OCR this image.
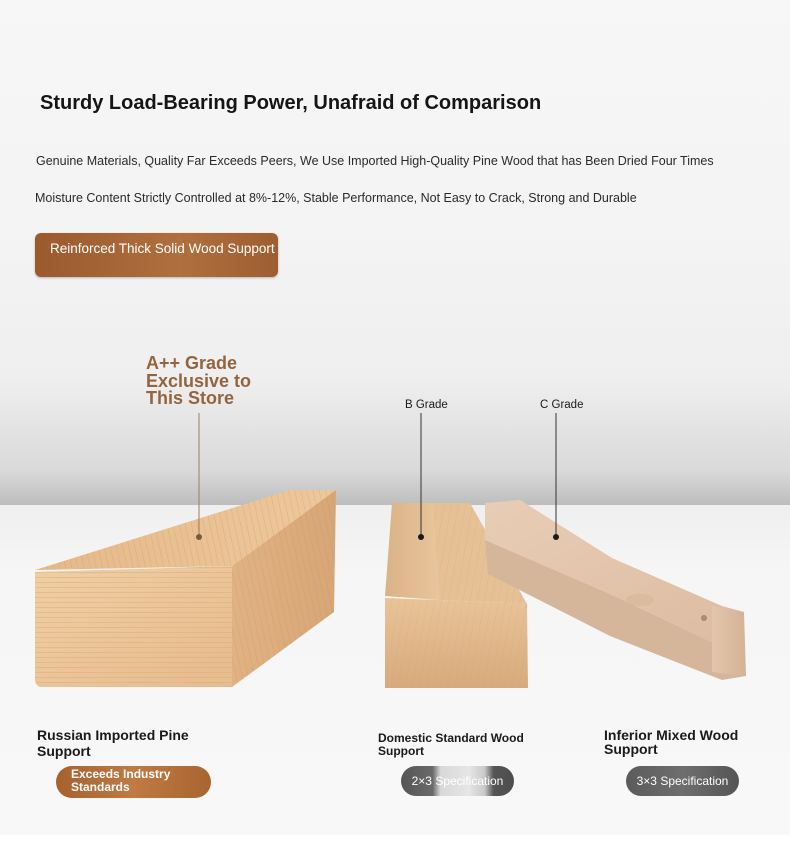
Sturdy Load-Bearing Power, Unafraid of Comparison
Genuine Materials, Quality Far Exceeds Peers, We Use Imported High-Quality Pine Wood that has Been Dried Four Times
Moisture Content Strictly Controlled at 8%-12%, Stable Performance, Not Easy to Crack, Strong and Durable
Reinforced Thick Solid Wood Support
A++ Grade Exclusive to This Store	B Grade	C Grade
Russian Imported Pine Support
Domestic Standard Wood Support
Inferior Mixed Wood Support
Exceeds Industry Standards	2×3 Specification	3×3 Specification
